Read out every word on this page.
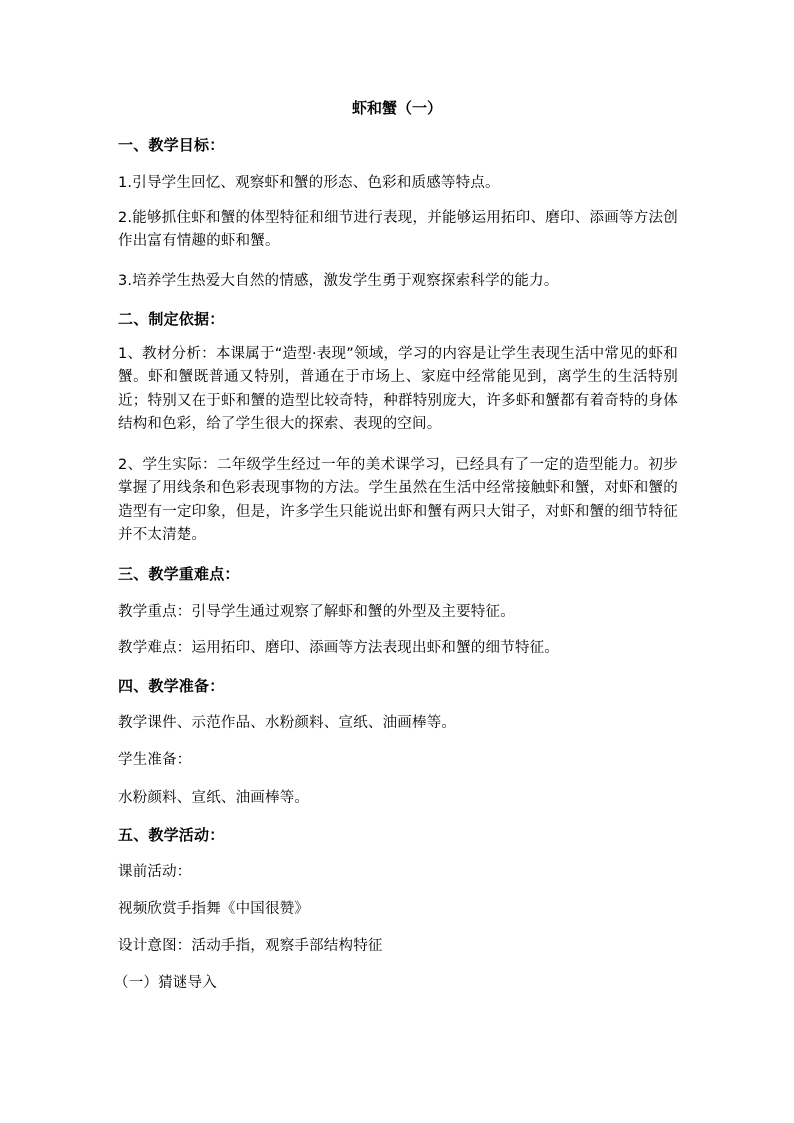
虾和蟹（一）
一、教学目标：
1.引导学生回忆、观察虾和蟹的形态、色彩和质感等特点。
2.能够抓住虾和蟹的体型特征和细节进行表现，并能够运用拓印、磨印、添画等方法创作出富有情趣的虾和蟹。
3.培养学生热爱大自然的情感，激发学生勇于观察探索科学的能力。
二、制定依据：
1、教材分析：本课属于“造型·表现”领域，学习的内容是让学生表现生活中常见的虾和蟹。虾和蟹既普通又特别，普通在于市场上、家庭中经常能见到，离学生的生活特别近；特别又在于虾和蟹的造型比较奇特，种群特别庞大，许多虾和蟹都有着奇特的身体结构和色彩，给了学生很大的探索、表现的空间。
2、学生实际：二年级学生经过一年的美术课学习，已经具有了一定的造型能力。初步掌握了用线条和色彩表现事物的方法。学生虽然在生活中经常接触虾和蟹，对虾和蟹的造型有一定印象，但是，许多学生只能说出虾和蟹有两只大钳子，对虾和蟹的细节特征并不太清楚。
三、教学重难点：
教学重点：引导学生通过观察了解虾和蟹的外型及主要特征。
教学难点：运用拓印、磨印、添画等方法表现出虾和蟹的细节特征。
四、教学准备：
教学课件、示范作品、水粉颜料、宣纸、油画棒等。
学生准备：
水粉颜料、宣纸、油画棒等。
五、教学活动：
课前活动：
视频欣赏手指舞《中国很赞》
设计意图：活动手指，观察手部结构特征
（一）猜谜导入
